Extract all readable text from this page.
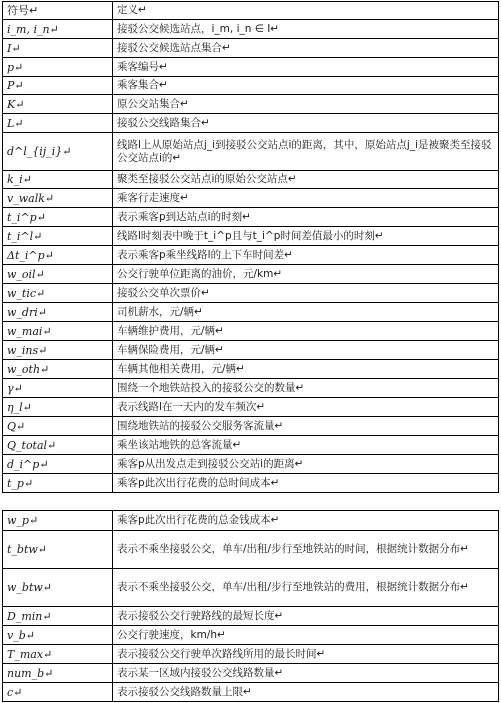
符号↵	定义↵
i_m, i_n↵	接驳公交候选站点，i_m, i_n ∈ I↵
I↵	接驳公交候选站点集合↵
p↵	乘客编号↵
P↵	乘客集合↵
K↵	原公交站集合↵
L↵	接驳公交线路集合↵
d^l_{ij_i}↵	线路l上从原始站点j_i到接驳公交站点i的距离，其中，原始站点j_i是被聚类至接驳公交站点i的↵
k_i↵	聚类至接驳公交站点i的原始公交站点↵
v_walk↵	乘客行走速度↵
t_i^p↵	表示乘客p到达站点i的时刻↵
t_i^l↵	线路l时刻表中晚于t_i^p且与t_i^p时间差值最小的时刻↵
Δt_i^p↵	表示乘客p乘坐线路l的上下车时间差↵
w_oil↵	公交行驶单位距离的油价，元/km↵
w_tic↵	接驳公交单次票价↵
w_dri↵	司机薪水，元/辆↵
w_mai↵	车辆维护费用，元/辆↵
w_ins↵	车辆保险费用，元/辆↵
w_oth↵	车辆其他相关费用，元/辆↵
γ↵	围绕一个地铁站投入的接驳公交的数量↵
η_l↵	表示线路l在一天内的发车频次↵
Q↵	围绕地铁站的接驳公交服务客流量↵
Q_total↵	乘坐该站地铁的总客流量↵
d_i^p↵	乘客p从出发点走到接驳公交站i的距离↵
t_p↵	乘客p此次出行花费的总时间成本↵
w_p↵	乘客p此次出行花费的总金钱成本↵
t_btw↵	表示不乘坐接驳公交，单车/出租/步行至地铁站的时间，根据统计数据分布↵
w_btw↵	表示不乘坐接驳公交，单车/出租/步行至地铁站的费用，根据统计数据分布↵
D_min↵	表示接驳公交行驶路线的最短长度↵
v_b↵	公交行驶速度，km/h↵
T_max↵	表示接驳公交行驶单次路线所用的最长时间↵
num_b↵	表示某一区域内接驳公交线路数量↵
c↵	表示接驳公交线路数量上限↵
